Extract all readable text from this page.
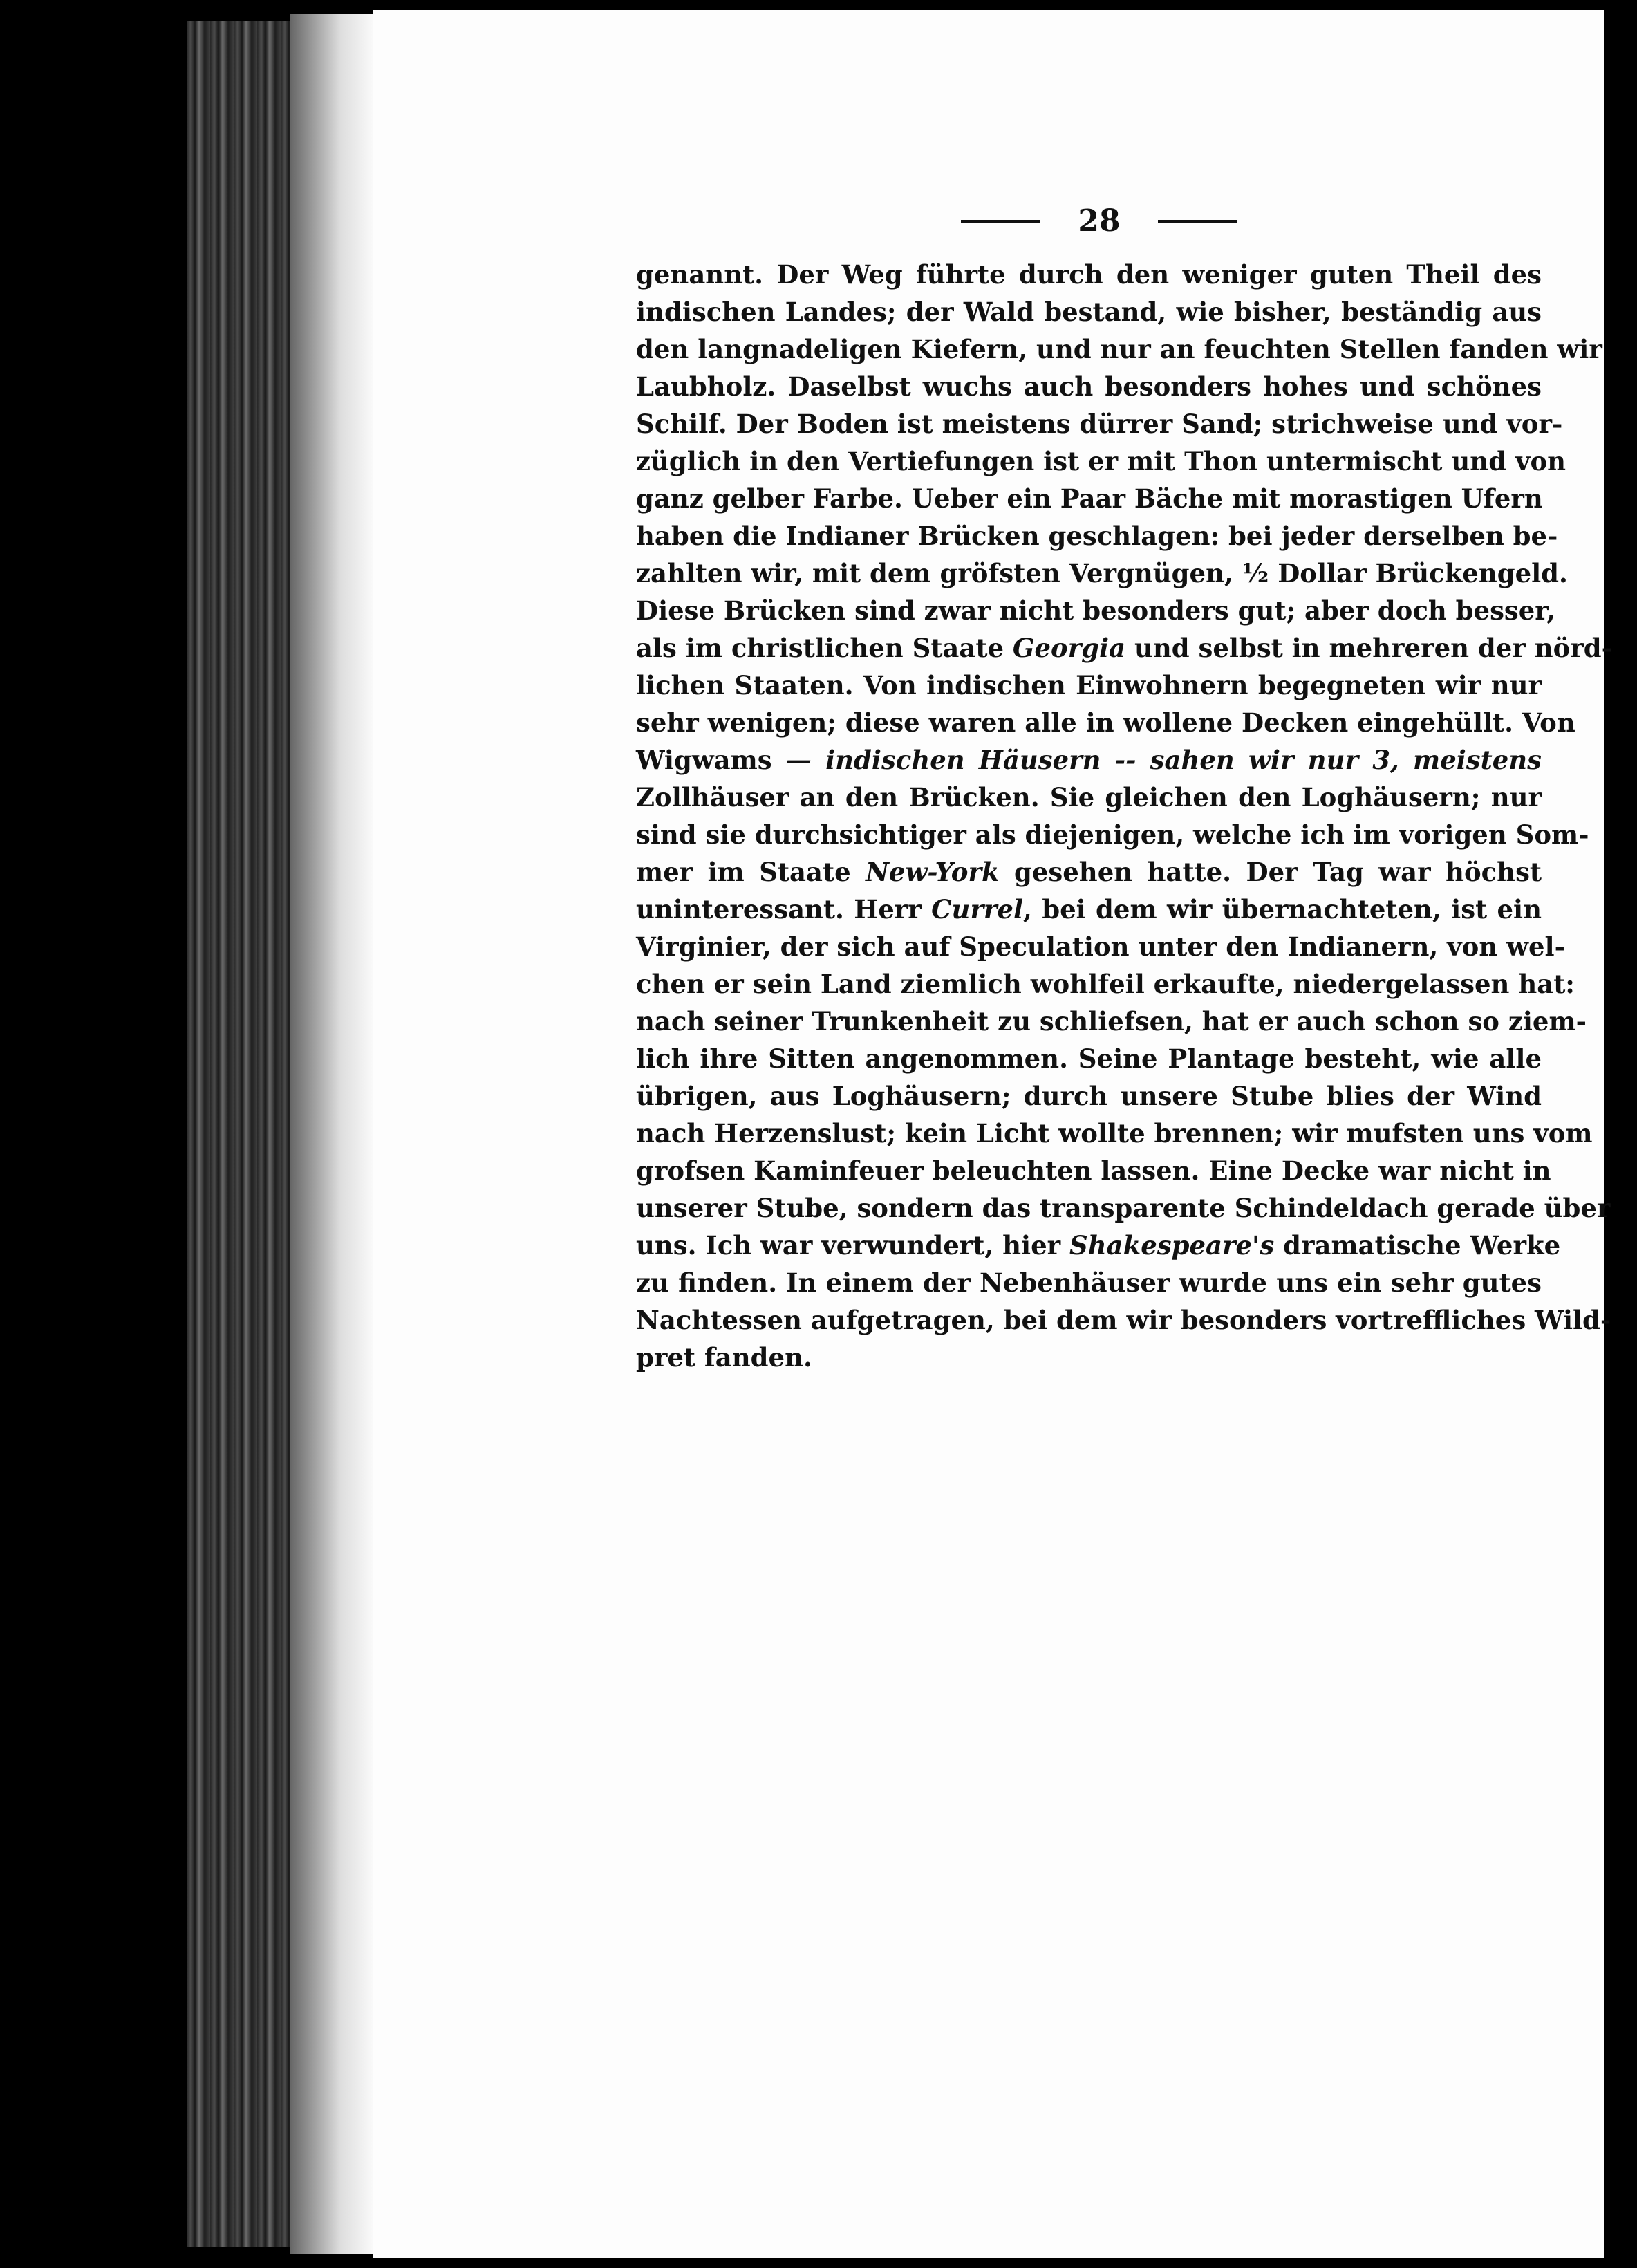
28
genannt. Der Weg führte durch den weniger guten Theil des
indischen Landes; der Wald bestand, wie bisher, beständig aus
den langnadeligen Kiefern, und nur an feuchten Stellen fanden wir
Laubholz. Daselbst wuchs auch besonders hohes und schönes
Schilf. Der Boden ist meistens dürrer Sand; strichweise und vor-
züglich in den Vertiefungen ist er mit Thon untermischt und von
ganz gelber Farbe. Ueber ein Paar Bäche mit morastigen Ufern
haben die Indianer Brücken geschlagen: bei jeder derselben be-
zahlten wir, mit dem gröfsten Vergnügen, ½ Dollar Brückengeld.
Diese Brücken sind zwar nicht besonders gut; aber doch besser,
als im christlichen Staate Georgia und selbst in mehreren der nörd-
lichen Staaten. Von indischen Einwohnern begegneten wir nur
sehr wenigen; diese waren alle in wollene Decken eingehüllt. Von
Wigwams — indischen Häusern -- sahen wir nur 3, meistens
Zollhäuser an den Brücken. Sie gleichen den Loghäusern; nur
sind sie durchsichtiger als diejenigen, welche ich im vorigen Som-
mer im Staate New-York gesehen hatte. Der Tag war höchst
uninteressant. Herr Currel, bei dem wir übernachteten, ist ein
Virginier, der sich auf Speculation unter den Indianern, von wel-
chen er sein Land ziemlich wohlfeil erkaufte, niedergelassen hat:
nach seiner Trunkenheit zu schliefsen, hat er auch schon so ziem-
lich ihre Sitten angenommen. Seine Plantage besteht, wie alle
übrigen, aus Loghäusern; durch unsere Stube blies der Wind
nach Herzenslust; kein Licht wollte brennen; wir mufsten uns vom
grofsen Kaminfeuer beleuchten lassen. Eine Decke war nicht in
unserer Stube, sondern das transparente Schindeldach gerade über
uns. Ich war verwundert, hier Shakespeare's dramatische Werke
zu finden. In einem der Nebenhäuser wurde uns ein sehr gutes
Nachtessen aufgetragen, bei dem wir besonders vortreffliches Wild-
pret fanden.
